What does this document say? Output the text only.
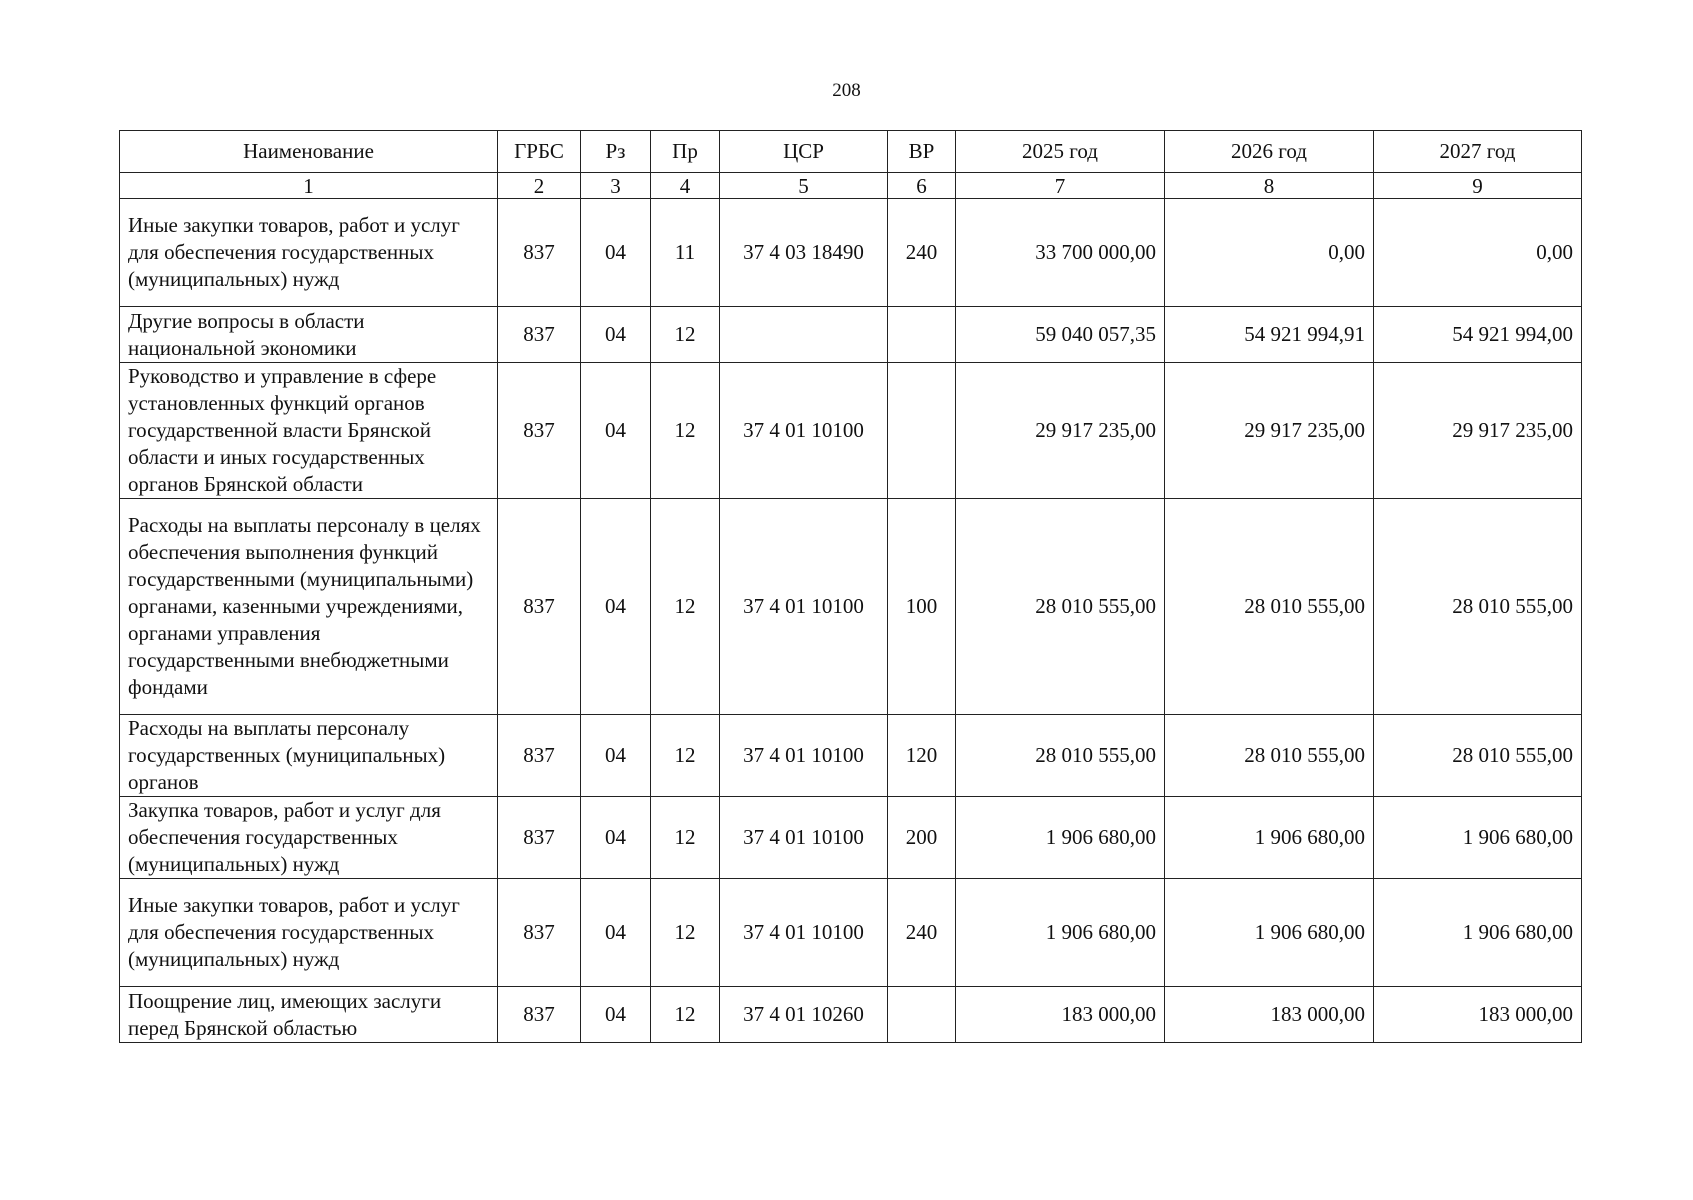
208
Наименование	ГРБС	Рз	Пр	ЦСР	ВР	2025 год	2026 год	2027 год
1	2	3	4	5	6	7	8	9
Иные закупки товаров, работ и услуг для обеспечения государственных (муниципальных) нужд	837	04	11	37 4 03 18490	240	33 700 000,00	0,00	0,00
Другие вопросы в области национальной экономики	837	04	12			59 040 057,35	54 921 994,91	54 921 994,00
Руководство и управление в сфере установленных функций органов государственной власти Брянской области и иных государственных органов Брянской области	837	04	12	37 4 01 10100		29 917 235,00	29 917 235,00	29 917 235,00
Расходы на выплаты персоналу в целях обеспечения выполнения функций государственными (муниципальными) органами, казенными учреждениями, органами управления государственными внебюджетными фондами	837	04	12	37 4 01 10100	100	28 010 555,00	28 010 555,00	28 010 555,00
Расходы на выплаты персоналу государственных (муниципальных) органов	837	04	12	37 4 01 10100	120	28 010 555,00	28 010 555,00	28 010 555,00
Закупка товаров, работ и услуг для обеспечения государственных (муниципальных) нужд	837	04	12	37 4 01 10100	200	1 906 680,00	1 906 680,00	1 906 680,00
Иные закупки товаров, работ и услуг для обеспечения государственных (муниципальных) нужд	837	04	12	37 4 01 10100	240	1 906 680,00	1 906 680,00	1 906 680,00
Поощрение лиц, имеющих заслуги перед Брянской областью	837	04	12	37 4 01 10260		183 000,00	183 000,00	183 000,00
